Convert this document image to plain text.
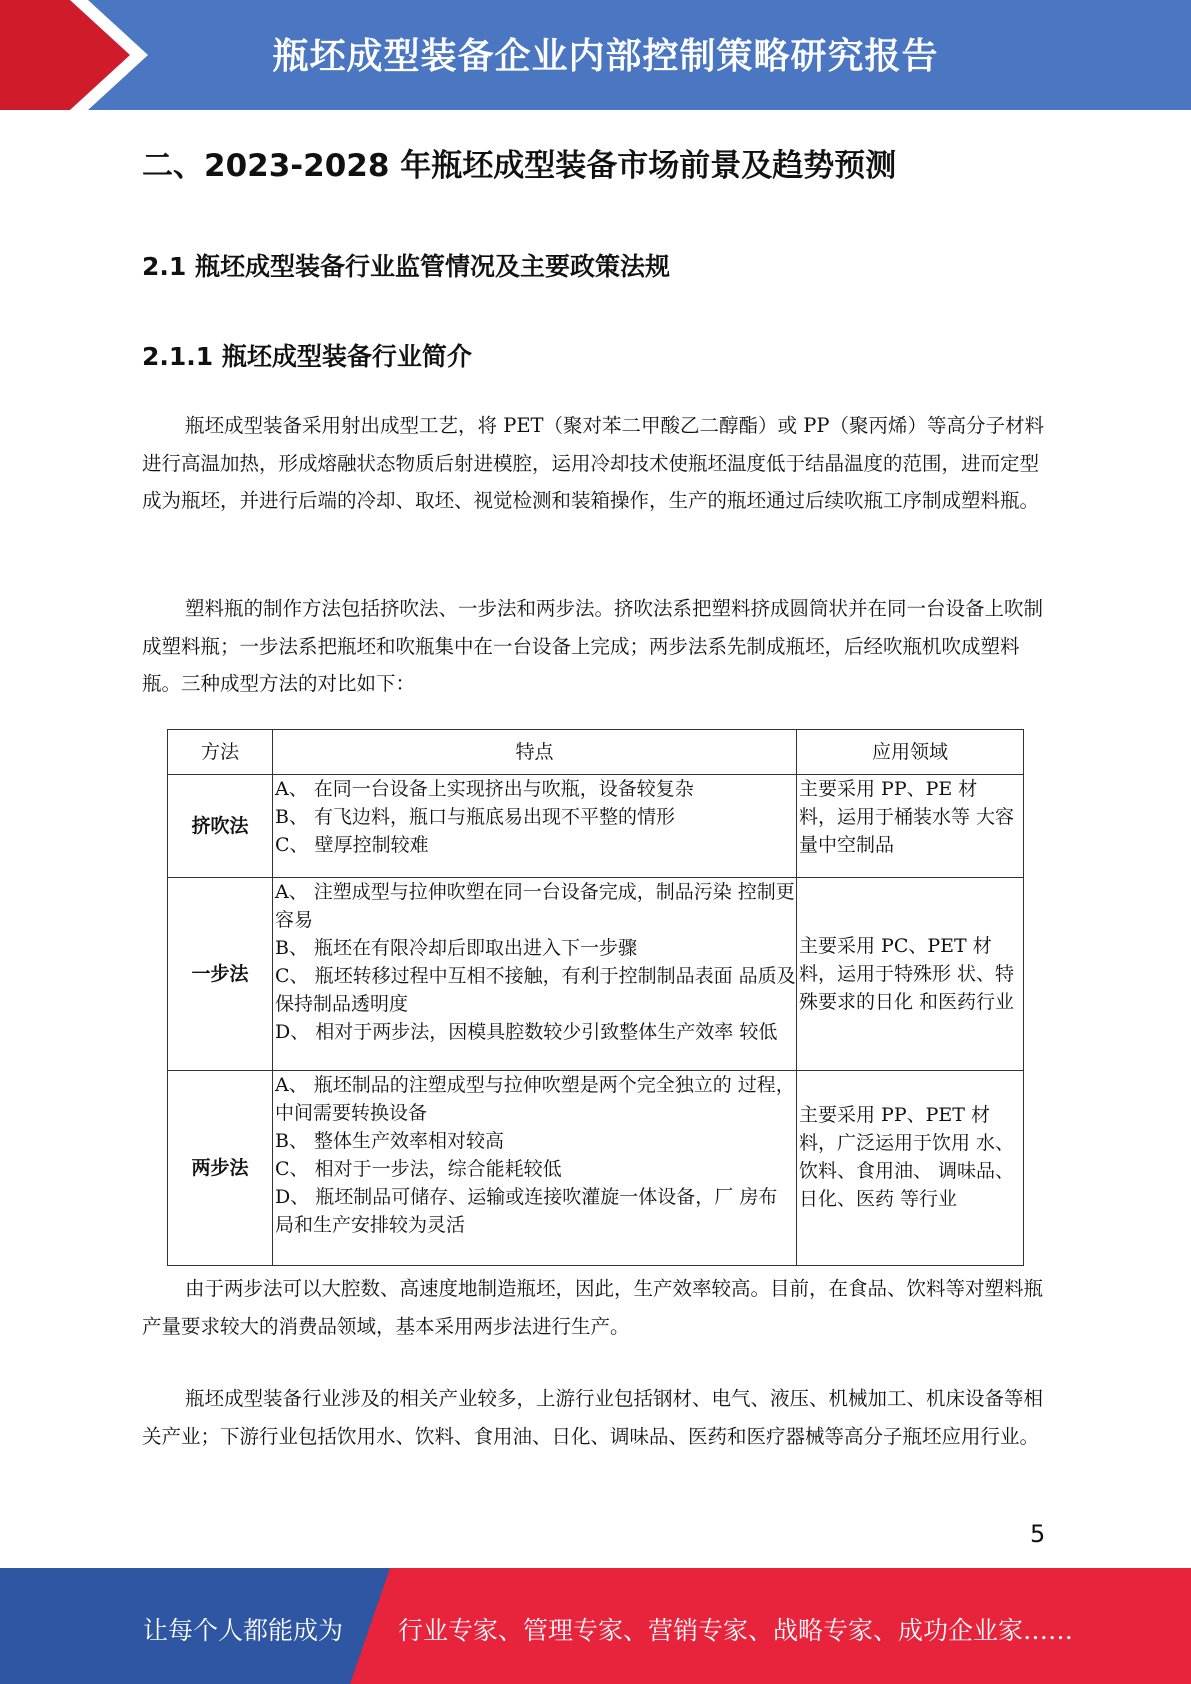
瓶坯成型装备企业内部控制策略研究报告
二、2023-2028 年瓶坯成型装备市场前景及趋势预测
2.1 瓶坯成型装备行业监管情况及主要政策法规
2.1.1 瓶坯成型装备行业简介

瓶坯成型装备采用射出成型工艺，将 PET（聚对苯二甲酸乙二醇酯）或 PP（聚丙烯）等高分子材料进行高温加热，形成熔融状态物质后射进模腔，运用冷却技术使瓶坯温度低于结晶温度的范围，进而定型成为瓶坯，并进行后端的冷却、取坯、视觉检测和装箱操作，生产的瓶坯通过后续吹瓶工序制成塑料瓶。

塑料瓶的制作方法包括挤吹法、一步法和两步法。挤吹法系把塑料挤成圆筒状并在同一台设备上吹制成塑料瓶；一步法系把瓶坯和吹瓶集中在一台设备上完成；两步法系先制成瓶坯，后经吹瓶机吹成塑料瓶。三种成型方法的对比如下：

方法	特点	应用领域
挤吹法	A、 在同一台设备上实现挤出与吹瓶，设备较复杂
B、 有飞边料，瓶口与瓶底易出现不平整的情形
C、 壁厚控制较难	主要采用 PP、PE 材 料，运用于桶装水等 大容量中空制品
一步法	A、 注塑成型与拉伸吹塑在同一台设备完成，制品污染 控制更容易
B、 瓶坯在有限冷却后即取出进入下一步骤
C、 瓶坯转移过程中互相不接触，有利于控制制品表面 品质及保持制品透明度
D、 相对于两步法，因模具腔数较少引致整体生产效率 较低	主要采用 PC、PET 材 料，运用于特殊形 状、特殊要求的日化 和医药行业
两步法	A、 瓶坯制品的注塑成型与拉伸吹塑是两个完全独立的 过程，中间需要转换设备
B、 整体生产效率相对较高
C、 相对于一步法，综合能耗较低
D、 瓶坯制品可储存、运输或连接吹灌旋一体设备，厂 房布局和生产安排较为灵活	主要采用 PP、PET 材 料，广泛运用于饮用 水、饮料、食用油、 调味品、日化、医药 等行业

由于两步法可以大腔数、高速度地制造瓶坯，因此，生产效率较高。目前，在食品、饮料等对塑料瓶产量要求较大的消费品领域，基本采用两步法进行生产。

瓶坯成型装备行业涉及的相关产业较多，上游行业包括钢材、电气、液压、机械加工、机床设备等相关产业；下游行业包括饮用水、饮料、食用油、日化、调味品、医药和医疗器械等高分子瓶坯应用行业。

5
让每个人都能成为 行业专家、管理专家、营销专家、战略专家、成功企业家……
